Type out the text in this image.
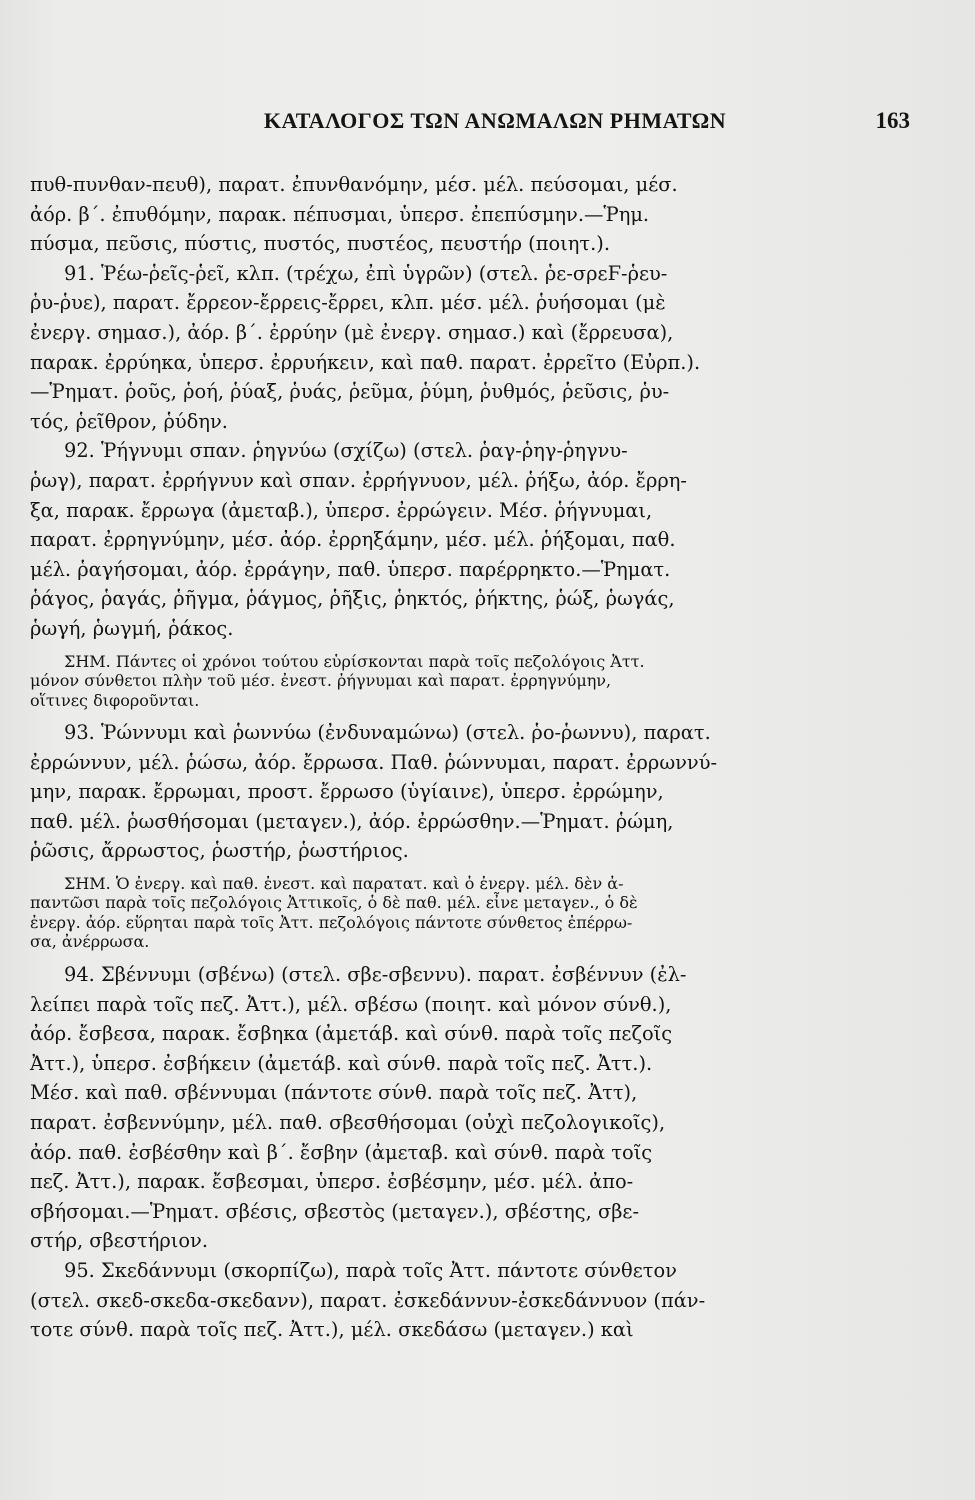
ΚΑΤΑΛΟΓΟΣ ΤΩΝ ΑΝΩΜΑΛΩΝ ΡΗΜΑΤΩΝ	163
πυθ-πυνθαν-πευθ), παρατ. ἐπυνθανόμην, μέσ. μέλ. πεύσομαι, μέσ.
ἀόρ. β΄. ἐπυθόμην, παρακ. πέπυσμαι, ὑπερσ. ἐπεπύσμην.—Ῥημ.
πύσμα, πεῦσις, πύστις, πυστός, πυστέος, πευστήρ (ποιητ.).
91. Ῥέω-ῥεῖς-ῥεῖ, κλπ. (τρέχω, ἐπὶ ὑγρῶν) (στελ. ῥε-σρεϜ-ῥευ-
ῥυ-ῥυε), παρατ. ἔρρεον-ἔρρεις-ἔρρει, κλπ. μέσ. μέλ. ῥυήσομαι (μὲ
ἐνεργ. σημασ.), ἀόρ. β΄. ἐρρύην (μὲ ἐνεργ. σημασ.) καὶ (ἔρρευσα),
παρακ. ἐρρύηκα, ὑπερσ. ἐρρυήκειν, καὶ παθ. παρατ. ἐρρεῖτο (Εὐρπ.).
—Ῥηματ. ῥοῦς, ῥοή, ῥύαξ, ῥυάς, ῥεῦμα, ῥύμη, ῥυθμός, ῥεῦσις, ῥυ-
τός, ῥεῖθρον, ῥύδην.
92. Ῥήγνυμι σπαν. ῥηγνύω (σχίζω) (στελ. ῥαγ-ῥηγ-ῥηγνυ-
ῥωγ), παρατ. ἐρρήγνυν καὶ σπαν. ἐρρήγνυον, μέλ. ῥήξω, ἀόρ. ἔρρη-
ξα, παρακ. ἔρρωγα (ἀμεταβ.), ὑπερσ. ἐρρώγειν. Μέσ. ῥήγνυμαι,
παρατ. ἐρρηγνύμην, μέσ. ἀόρ. ἐρρηξάμην, μέσ. μέλ. ῥήξομαι, παθ.
μέλ. ῥαγήσομαι, ἀόρ. ἐρράγην, παθ. ὑπερσ. παρέρρηκτο.—Ῥηματ.
ῥάγος, ῥαγάς, ῥῆγμα, ῥάγμος, ῥῆξις, ῥηκτός, ῥήκτης, ῥώξ, ῥωγάς,
ῥωγή, ῥωγμή, ῥάκος.
ΣΗΜ. Πάντες οἱ χρόνοι τούτου εὑρίσκονται παρὰ τοῖς πεζολόγοις Ἀττ.
μόνον σύνθετοι πλὴν τοῦ μέσ. ἐνεστ. ῥήγνυμαι καὶ παρατ. ἐρρηγνύμην,
οἵτινες διφοροῦνται.
93. Ῥώννυμι καὶ ῥωννύω (ἐνδυναμώνω) (στελ. ῥο-ῥωννυ), παρατ.
ἐρρώννυν, μέλ. ῥώσω, ἀόρ. ἔρρωσα. Παθ. ῥώννυμαι, παρατ. ἐρρωννύ-
μην, παρακ. ἔρρωμαι, προστ. ἔρρωσο (ὑγίαινε), ὑπερσ. ἐρρώμην,
παθ. μέλ. ῥωσθήσομαι (μεταγεν.), ἀόρ. ἐρρώσθην.—Ῥηματ. ῥώμη,
ῥῶσις, ἄρρωστος, ῥωστήρ, ῥωστήριος.
ΣΗΜ. Ὁ ἐνεργ. καὶ παθ. ἐνεστ. καὶ παρατατ. καὶ ὁ ἐνεργ. μέλ. δὲν ἀ-
παντῶσι παρὰ τοῖς πεζολόγοις Ἀττικοῖς, ὁ δὲ παθ. μέλ. εἶνε μεταγεν., ὁ δὲ
ἐνεργ. ἀόρ. εὕρηται παρὰ τοῖς Ἀττ. πεζολόγοις πάντοτε σύνθετος ἐπέρρω-
σα, ἀνέρρωσα.
94. Σβέννυμι (σβένω) (στελ. σβε-σβεννυ). παρατ. ἐσβέννυν (ἐλ-
λείπει παρὰ τοῖς πεζ. Ἀττ.), μέλ. σβέσω (ποιητ. καὶ μόνον σύνθ.),
ἀόρ. ἔσβεσα, παρακ. ἔσβηκα (ἀμετάβ. καὶ σύνθ. παρὰ τοῖς πεζοῖς
Ἀττ.), ὑπερσ. ἐσβήκειν (ἀμετάβ. καὶ σύνθ. παρὰ τοῖς πεζ. Ἀττ.).
Μέσ. καὶ παθ. σβέννυμαι (πάντοτε σύνθ. παρὰ τοῖς πεζ. Ἀττ),
παρατ. ἐσβεννύμην, μέλ. παθ. σβεσθήσομαι (οὐχὶ πεζολογικοῖς),
ἀόρ. παθ. ἐσβέσθην καὶ β΄. ἔσβην (ἀμεταβ. καὶ σύνθ. παρὰ τοῖς
πεζ. Ἀττ.), παρακ. ἔσβεσμαι, ὑπερσ. ἐσβέσμην, μέσ. μέλ. ἀπο-
σβήσομαι.—Ῥηματ. σβέσις, σβεστὸς (μεταγεν.), σβέστης, σβε-
στήρ, σβεστήριον.
95. Σκεδάννυμι (σκορπίζω), παρὰ τοῖς Ἀττ. πάντοτε σύνθετον
(στελ. σκεδ-σκεδα-σκεδανν), παρατ. ἐσκεδάννυν-ἐσκεδάννυον (πάν-
τοτε σύνθ. παρὰ τοῖς πεζ. Ἀττ.), μέλ. σκεδάσω (μεταγεν.) καὶ
